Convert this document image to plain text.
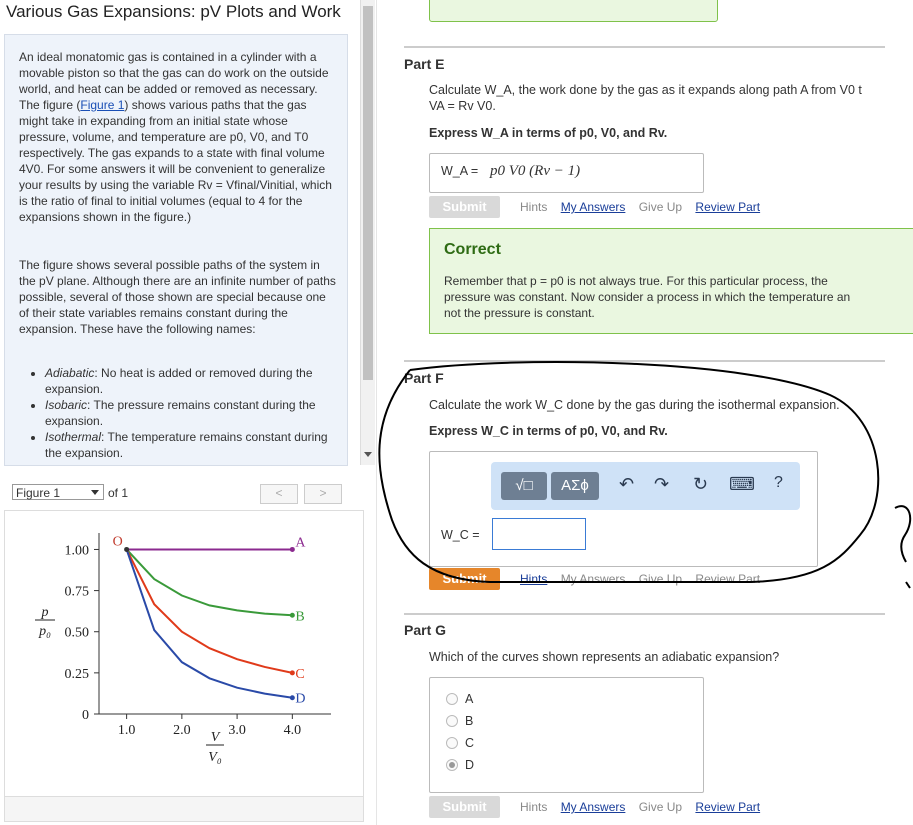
Various Gas Expansions: pV Plots and Work
An ideal monatomic gas is contained in a cylinder with a movable piston so that the gas can do work on the outside world, and heat can be added or removed as necessary. The figure (Figure 1) shows various paths that the gas might take in expanding from an initial state whose pressure, volume, and temperature are p0, V0, and T0 respectively. The gas expands to a state with final volume 4V0. For some answers it will be convenient to generalize your results by using the variable Rv = Vfinal/Vinitial, which is the ratio of final to initial volumes (equal to 4 for the expansions shown in the figure.)
The figure shows several possible paths of the system in the pV plane. Although there are an infinite number of paths possible, several of those shown are special because one of their state variables remains constant during the expansion. These have the following names:
• Adiabatic: No heat is added or removed during the expansion.
• Isobaric: The pressure remains constant during the expansion.
• Isothermal: The temperature remains constant during the expansion.
Figure 1	of 1	<	>
1.0	2.0	3.0	4.0
0
0.25
0.50
0.75
1.00
V
V₀
p
p₀
A
B
C
D
O
Part E
Calculate W_A, the work done by the gas as it expands along path A from V0 t
VA = Rv V0.
Express W_A in terms of p0, V0, and Rv.
W_A = p0 V0 (Rv − 1)
Submit	Hints My Answers Give Up Review Part
Correct
Remember that p = p0 is not always true. For this particular process, the
pressure was constant. Now consider a process in which the temperature an
not the pressure is constant.
Part F
Calculate the work W_C done by the gas during the isothermal expansion.
Express W_C in terms of p0, V0, and Rv.
√□	ΑΣϕ	↶ ↷ ↻ ⌨ ?
W_C =
Submit	Hints My Answers Give Up Review Part
Part G
Which of the curves shown represents an adiabatic expansion?
A
B
C
D
Submit	Hints My Answers Give Up Review Part
